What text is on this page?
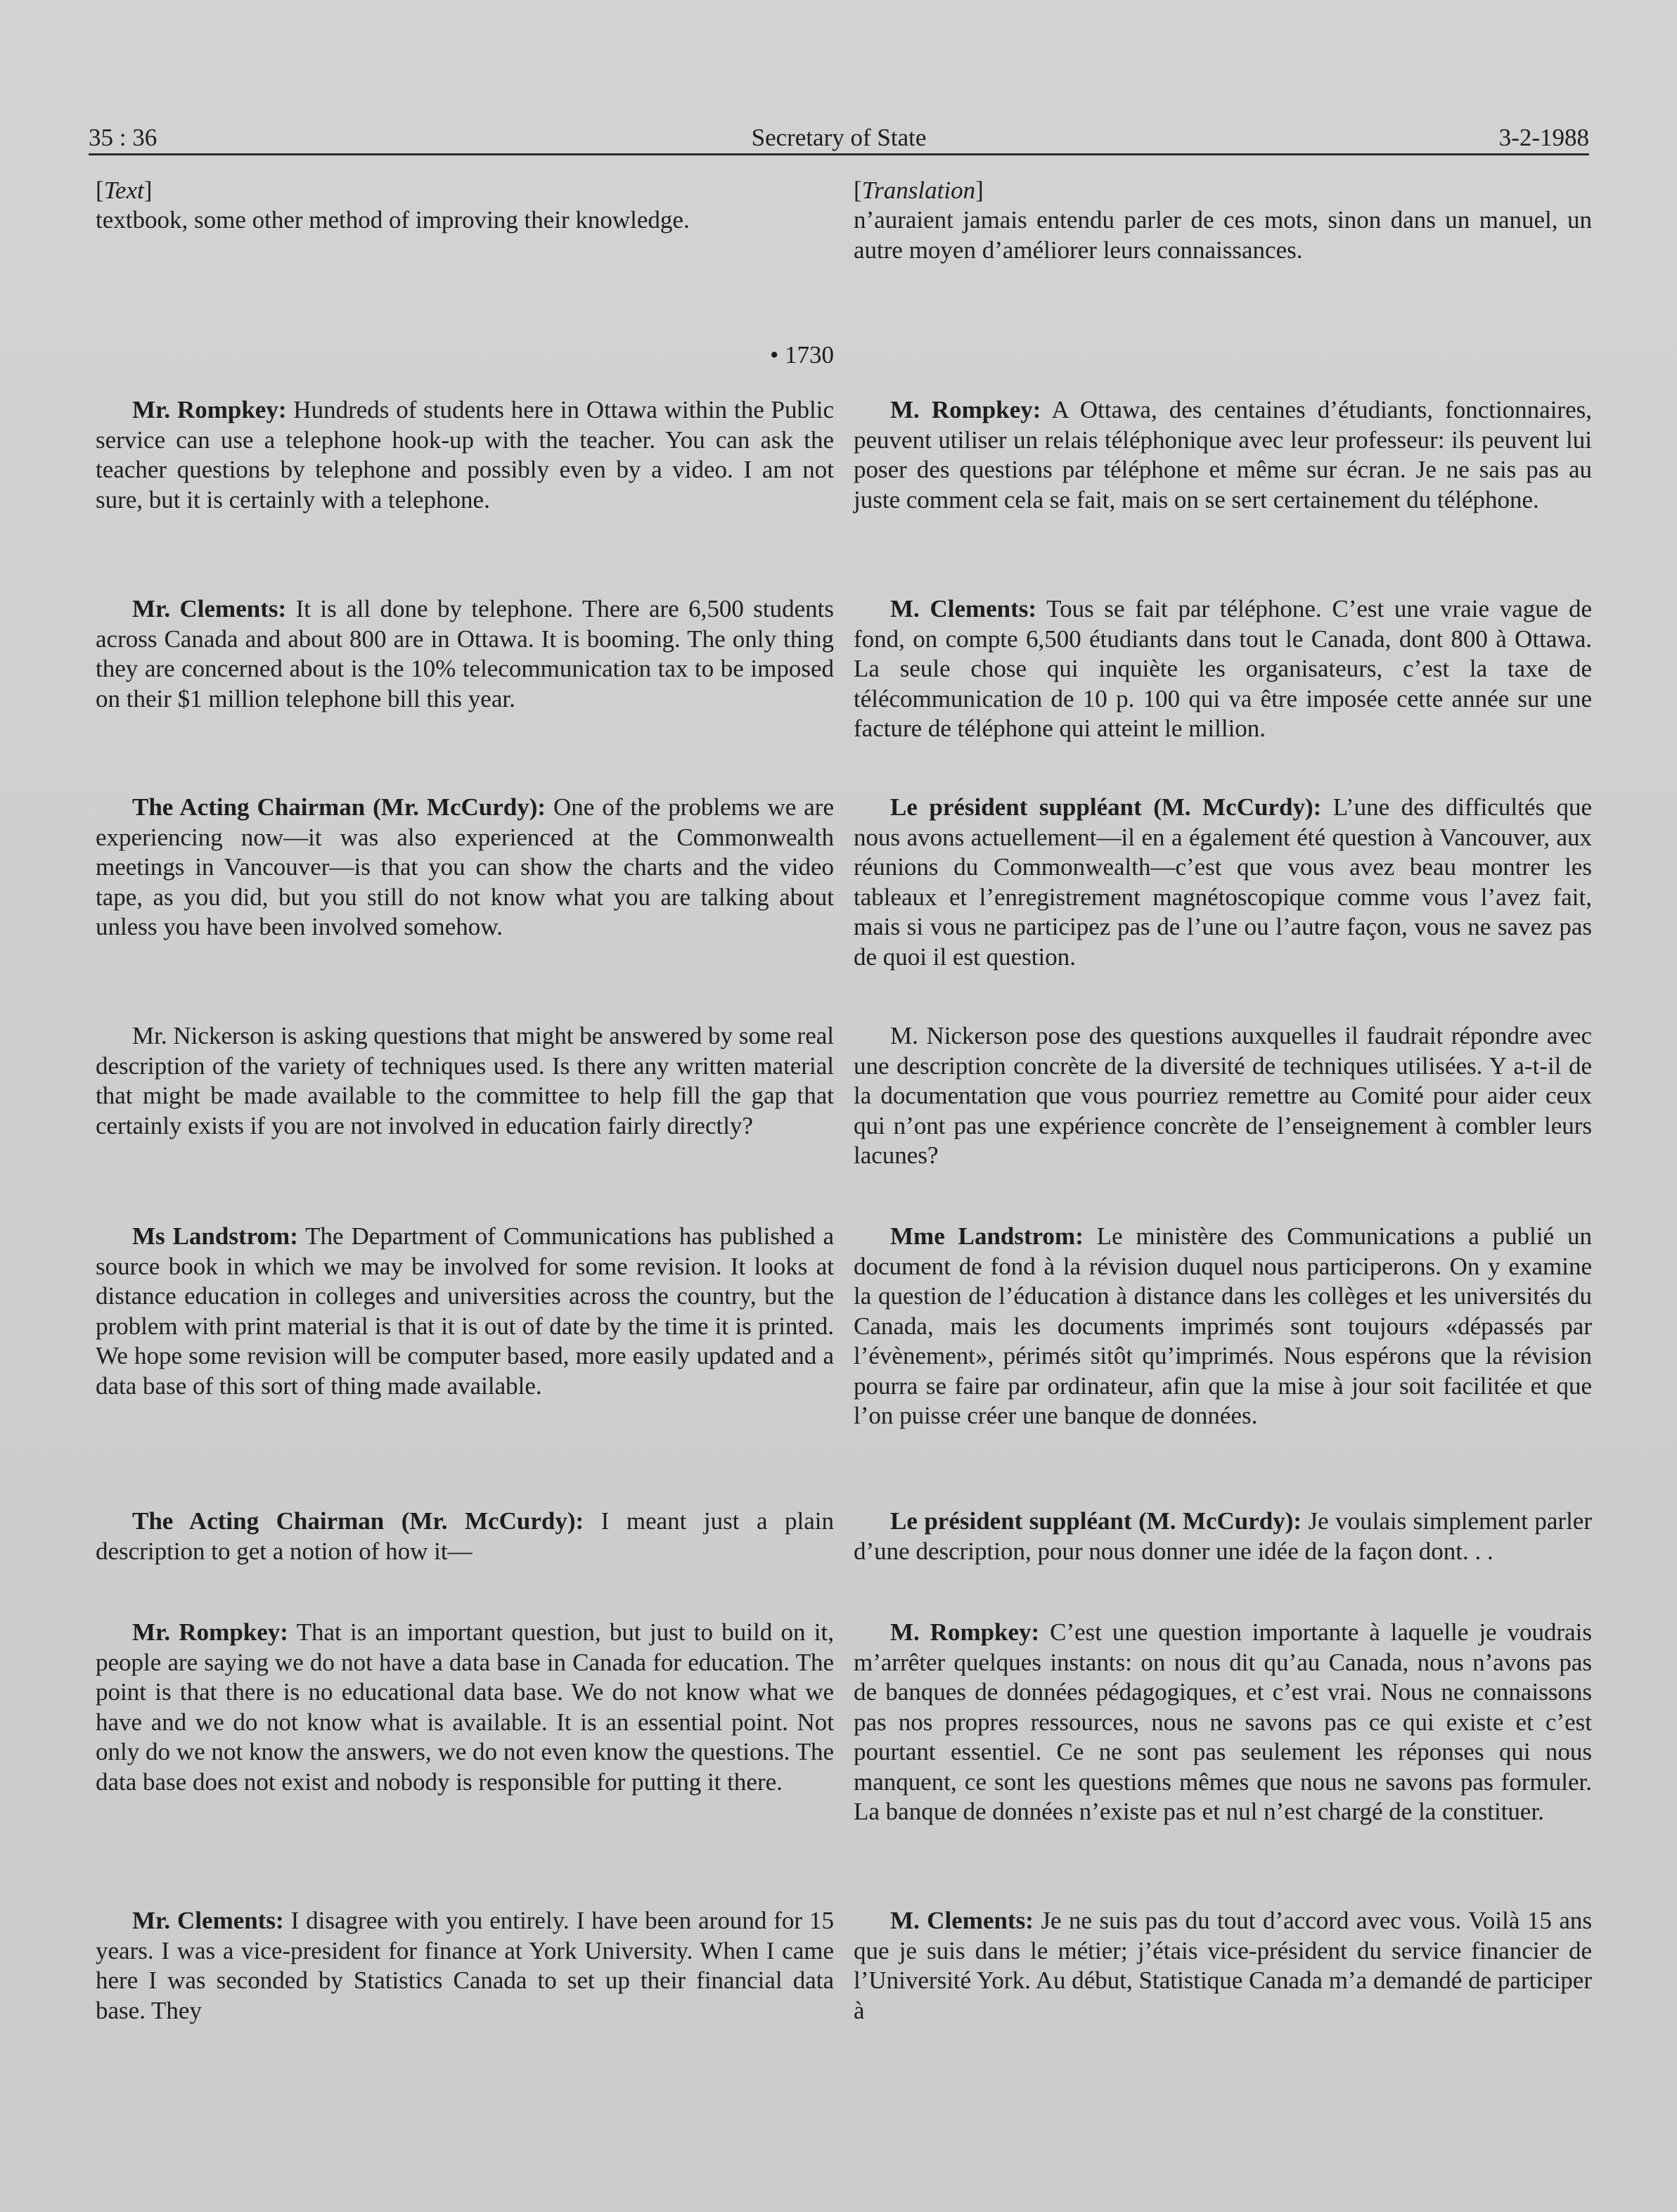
35 : 36	Secretary of State	3-2-1988
[Text]

textbook, some other method of improving their knowledge.

• 1730

Mr. Rompkey: Hundreds of students here in Ottawa within the Public service can use a telephone hook-up with the teacher. You can ask the teacher questions by telephone and possibly even by a video. I am not sure, but it is certainly with a telephone.

Mr. Clements: It is all done by telephone. There are 6,500 students across Canada and about 800 are in Ottawa. It is booming. The only thing they are concerned about is the 10% telecommunication tax to be imposed on their $1 million telephone bill this year.

The Acting Chairman (Mr. McCurdy): One of the problems we are experiencing now—it was also experienced at the Commonwealth meetings in Vancouver—is that you can show the charts and the video tape, as you did, but you still do not know what you are talking about unless you have been involved somehow.

Mr. Nickerson is asking questions that might be answered by some real description of the variety of techniques used. Is there any written material that might be made available to the committee to help fill the gap that certainly exists if you are not involved in education fairly directly?

Ms Landstrom: The Department of Communications has published a source book in which we may be involved for some revision. It looks at distance education in colleges and universities across the country, but the problem with print material is that it is out of date by the time it is printed. We hope some revision will be computer based, more easily updated and a data base of this sort of thing made available.

The Acting Chairman (Mr. McCurdy): I meant just a plain description to get a notion of how it—

Mr. Rompkey: That is an important question, but just to build on it, people are saying we do not have a data base in Canada for education. The point is that there is no educational data base. We do not know what we have and we do not know what is available. It is an essential point. Not only do we not know the answers, we do not even know the questions. The data base does not exist and nobody is responsible for putting it there.

Mr. Clements: I disagree with you entirely. I have been around for 15 years. I was a vice-president for finance at York University. When I came here I was seconded by Statistics Canada to set up their financial data base. They

[Translation]

n’auraient jamais entendu parler de ces mots, sinon dans un manuel, un autre moyen d’améliorer leurs connaissances.

M. Rompkey: A Ottawa, des centaines d’étudiants, fonctionnaires, peuvent utiliser un relais téléphonique avec leur professeur: ils peuvent lui poser des questions par téléphone et même sur écran. Je ne sais pas au juste comment cela se fait, mais on se sert certainement du téléphone.

M. Clements: Tous se fait par téléphone. C’est une vraie vague de fond, on compte 6,500 étudiants dans tout le Canada, dont 800 à Ottawa. La seule chose qui inquiète les organisateurs, c’est la taxe de télécommunication de 10 p. 100 qui va être imposée cette année sur une facture de téléphone qui atteint le million.

Le président suppléant (M. McCurdy): L’une des difficultés que nous avons actuellement—il en a également été question à Vancouver, aux réunions du Commonwealth—c’est que vous avez beau montrer les tableaux et l’enregistrement magnétoscopique comme vous l’avez fait, mais si vous ne participez pas de l’une ou l’autre façon, vous ne savez pas de quoi il est question.

M. Nickerson pose des questions auxquelles il faudrait répondre avec une description concrète de la diversité de techniques utilisées. Y a-t-il de la documentation que vous pourriez remettre au Comité pour aider ceux qui n’ont pas une expérience concrète de l’enseignement à combler leurs lacunes?

Mme Landstrom: Le ministère des Communications a publié un document de fond à la révision duquel nous participerons. On y examine la question de l’éducation à distance dans les collèges et les universités du Canada, mais les documents imprimés sont toujours «dépassés par l’évènement», périmés sitôt qu’imprimés. Nous espérons que la révision pourra se faire par ordinateur, afin que la mise à jour soit facilitée et que l’on puisse créer une banque de données.

Le président suppléant (M. McCurdy): Je voulais simplement parler d’une description, pour nous donner une idée de la façon dont. . .

M. Rompkey: C’est une question importante à laquelle je voudrais m’arrêter quelques instants: on nous dit qu’au Canada, nous n’avons pas de banques de données pédagogiques, et c’est vrai. Nous ne connaissons pas nos propres ressources, nous ne savons pas ce qui existe et c’est pourtant essentiel. Ce ne sont pas seulement les réponses qui nous manquent, ce sont les questions mêmes que nous ne savons pas formuler. La banque de données n’existe pas et nul n’est chargé de la constituer.

M. Clements: Je ne suis pas du tout d’accord avec vous. Voilà 15 ans que je suis dans le métier; j’étais vice-président du service financier de l’Université York. Au début, Statistique Canada m’a demandé de participer à
